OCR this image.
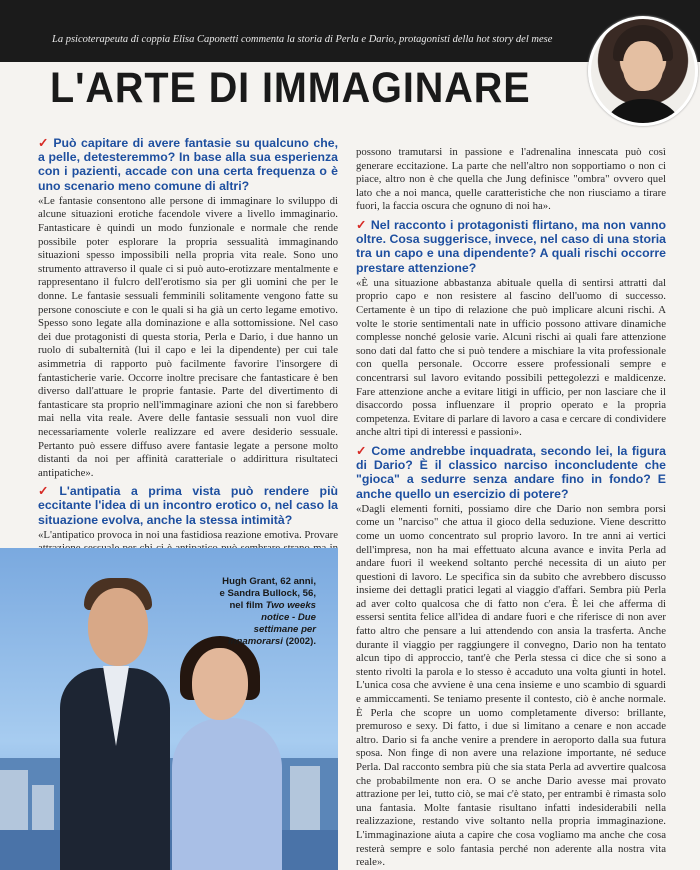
La psicoterapeuta di coppia Elisa Caponetti commenta la storia di Perla e Dario, protagonisti della hot story del mese
L'ARTE DI IMMAGINARE
✓ Può capitare di avere fantasie su qualcuno che, a pelle, detesteremmo? In base alla sua esperienza con i pazienti, accade con una certa frequenza o è uno scenario meno comune di altri?

«Le fantasie consentono alle persone di immaginare lo sviluppo di alcune situazioni erotiche facendole vivere a livello immaginario. Fantasticare è quindi un modo funzionale e normale che rende possibile poter esplorare la propria sessualità immaginando situazioni spesso impossibili nella propria vita reale. Sono uno strumento attraverso il quale ci si può auto-erotizzare mentalmente e rappresentano il fulcro dell'erotismo sia per gli uomini che per le donne. Le fantasie sessuali femminili solitamente vengono fatte su persone conosciute e con le quali si ha già un certo legame emotivo. Spesso sono legate alla dominazione e alla sottomissione. Nel caso dei due protagonisti di questa storia, Perla e Dario, i due hanno un ruolo di subalternità (lui il capo e lei la dipendente) per cui tale asimmetria di rapporto può facilmente favorire l'insorgere di fantasticherie varie. Occorre inoltre precisare che fantasticare è ben diverso dall'attuare le proprie fantasie. Parte del divertimento di fantasticare sta proprio nell'immaginare azioni che non si farebbero mai nella vita reale. Avere delle fantasie sessuali non vuol dire necessariamente volerle realizzare ed avere desiderio sessuale. Pertanto può essere diffuso avere fantasie legate a persone molto distanti da noi per affinità caratteriale o addirittura risultateci antipatiche».

✓ L'antipatia a prima vista può rendere più eccitante l'idea di un incontro erotico o, nel caso la situazione evolva, anche la stessa intimità?

«L'antipatico provoca in noi una fastidiosa reazione emotiva. Provare

Hugh Grant, 62 anni, e Sandra Bullock, 56, nel film Two weeks notice - Due settimane per innamorarsi (2002).

possono tramutarsi in passione e l'adrenalina innescata può così generare eccitazione. La parte che nell'altro non sopportiamo o non ci piace, altro non è che quella che Jung definisce "ombra" ovvero quel lato che a noi manca, quelle caratteristiche che non riusciamo a tirare fuori, la faccia oscura che ognuno di noi ha».

✓ Nel racconto i protagonisti flirtano, ma non vanno oltre. Cosa suggerisce, invece, nel caso di una storia tra un capo e una dipendente? A quali rischi occorre prestare attenzione?

«È una situazione abbastanza abituale quella di sentirsi attratti dal proprio capo e non resistere al fascino dell'uomo di successo. Certamente è un tipo di relazione che può implicare alcuni rischi. A volte le storie sentimentali nate in ufficio possono attivare dinamiche complesse nonché gelosie varie. Alcuni rischi ai quali fare attenzione sono dati dal fatto che si può tendere a mischiare la vita professionale con quella personale. Occorre essere professionali sempre e concentrarsi sul lavoro evitando possibili pettegolezzi e maldicenze. Fare attenzione anche a evitare litigi in ufficio, per non lasciare che il disaccordo possa influenzare il proprio operato e la propria competenza. Evitare di parlare di lavoro a casa e cercare di condividere anche altri tipi di interessi e passioni».

✓ Come andrebbe inquadrata, secondo lei, la figura di Dario? È il classico narciso inconcludente che "gioca" a sedurre senza andare fino in fondo? E anche quello un esercizio di potere?

«Dagli elementi forniti, possiamo dire che Dario non sembra porsi come un "narciso" che attua il gioco della seduzione. Viene descritto come un uomo concentrato sul proprio lavoro. In tre anni ai vertici dell'impresa, non ha mai effettuato alcuna avance e invita Perla ad andare fuori il weekend soltanto perché necessita di un aiuto per questioni di lavoro. Le specifica sin da subito che avrebbero discusso insieme dei dettagli pratici legati al viaggio d'affari. Sembra più Perla ad aver colto qualcosa che di fatto non c'era. È lei che afferma di essersi sentita felice all'idea di andare fuori e che riferisce di non aver fatto altro che pensare a lui attendendo con ansia la trasferta. Anche durante il viaggio per raggiungere il convegno, Dario non ha tentato alcun tipo di approccio, tant'è che Perla stessa ci dice che si sono a stento rivolti la parola e lo stesso è accaduto una volta giunti in hotel. L'unica cosa che avviene è una cena insieme e uno scambio di sguardi e ammiccamenti. Se teniamo presente il contesto, ciò è anche normale. È Perla che scopre un uomo completamente diverso: brillante, premuroso e sexy. Di fatto, i due si limitano a cenare e non accade altro. Dario si fa anche venire a prendere in aeroporto dalla sua futura sposa. Non finge di non avere una relazione importante, né seduce Perla. Dal racconto sembra più che sia stata Perla ad avvertire qualcosa che probabilmente non era. O se anche Dario avesse mai provato attrazione per lei, tutto ciò, se mai c'è stato, per entrambi è rimasta solo una fantasia. Molte fantasie risultano infatti indesiderabili nella realizzazione, restando vive soltanto nella propria immaginazione. L'immaginazione aiuta a capire che cosa vogliamo ma anche che cosa resterà sempre e solo fantasia perché non aderente alla nostra vita reale».
